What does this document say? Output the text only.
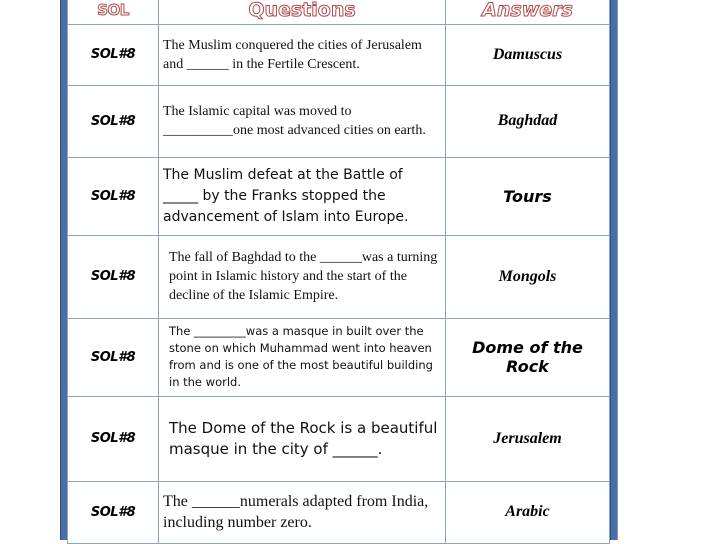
SOL	Questions	Answers
SOL#8	The Muslim conquered the cities of Jerusalem and ______ in the Fertile Crescent.	Damuscus
SOL#8	The Islamic capital was moved to __________one most advanced cities on earth.	Baghdad
SOL#8	The Muslim defeat at the Battle of _____ by the Franks stopped the advancement of Islam into Europe.	Tours
SOL#8	The fall of Baghdad to the ______was a turning point in Islamic history and the start of the decline of the Islamic Empire.	Mongols
SOL#8	The _________was a masque in built over the stone on which Muhammad went into heaven from and is one of the most beautiful building in the world.	Dome of the Rock
SOL#8	The Dome of the Rock is a beautiful masque in the city of ______.	Jerusalem
SOL#8	The ______numerals adapted from India, including number zero.	Arabic
